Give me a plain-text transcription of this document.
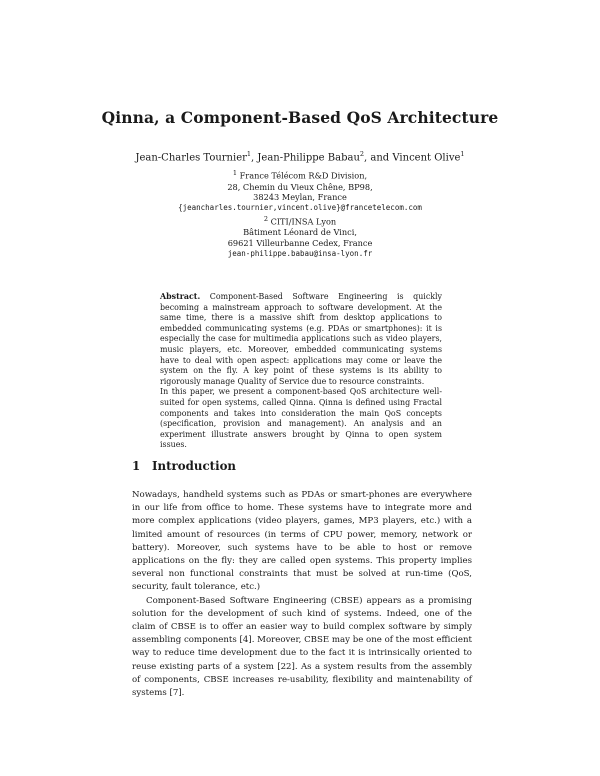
Qinna, a Component-Based QoS Architecture
Jean-Charles Tournier$^1$, Jean-Philippe Babau$^2$, and Vincent Olive$^1$
$^1$ France Télécom R&D Division,
28, Chemin du Vieux Chêne, BP98,
38243 Meylan, France
{jeancharles.tournier,vincent.olive}@francetelecom.com
$^2$ CITI/INSA Lyon
Bâtiment Léonard de Vinci,
69621 Villeurbanne Cedex, France
jean-philippe.babau@insa-lyon.fr

Abstract. Component-Based Software Engineering is quickly becoming a mainstream approach to software development. At the same time, there is a massive shift from desktop applications to embedded communicating systems (e.g. PDAs or smartphones): it is especially the case for multimedia applications such as video players, music players, etc. Moreover, embedded communicating systems have to deal with open aspect: applications may come or leave the system on the fly. A key point of these systems is its ability to rigorously manage Quality of Service due to resource constraints.

In this paper, we present a component-based QoS architecture well-suited for open systems, called Qinna. Qinna is defined using Fractal components and takes into consideration the main QoS concepts (specification, provision and management). An analysis and an experiment illustrate answers brought by Qinna to open system issues.

1 Introduction

Nowadays, handheld systems such as PDAs or smart-phones are everywhere in our life from office to home. These systems have to integrate more and more complex applications (video players, games, MP3 players, etc.) with a limited amount of resources (in terms of CPU power, memory, network or battery). Moreover, such systems have to be able to host or remove applications on the fly: they are called open systems. This property implies several non functional constraints that must be solved at run-time (QoS, security, fault tolerance, etc.)

Component-Based Software Engineering (CBSE) appears as a promising solution for the development of such kind of systems. Indeed, one of the claim of CBSE is to offer an easier way to build complex software by simply assembling components [4]. Moreover, CBSE may be one of the most efficient way to reduce time development due to the fact it is intrinsically oriented to reuse existing parts of a system [22]. As a system results from the assembly of components, CBSE increases re-usability, flexibility and maintenability of systems [7].
